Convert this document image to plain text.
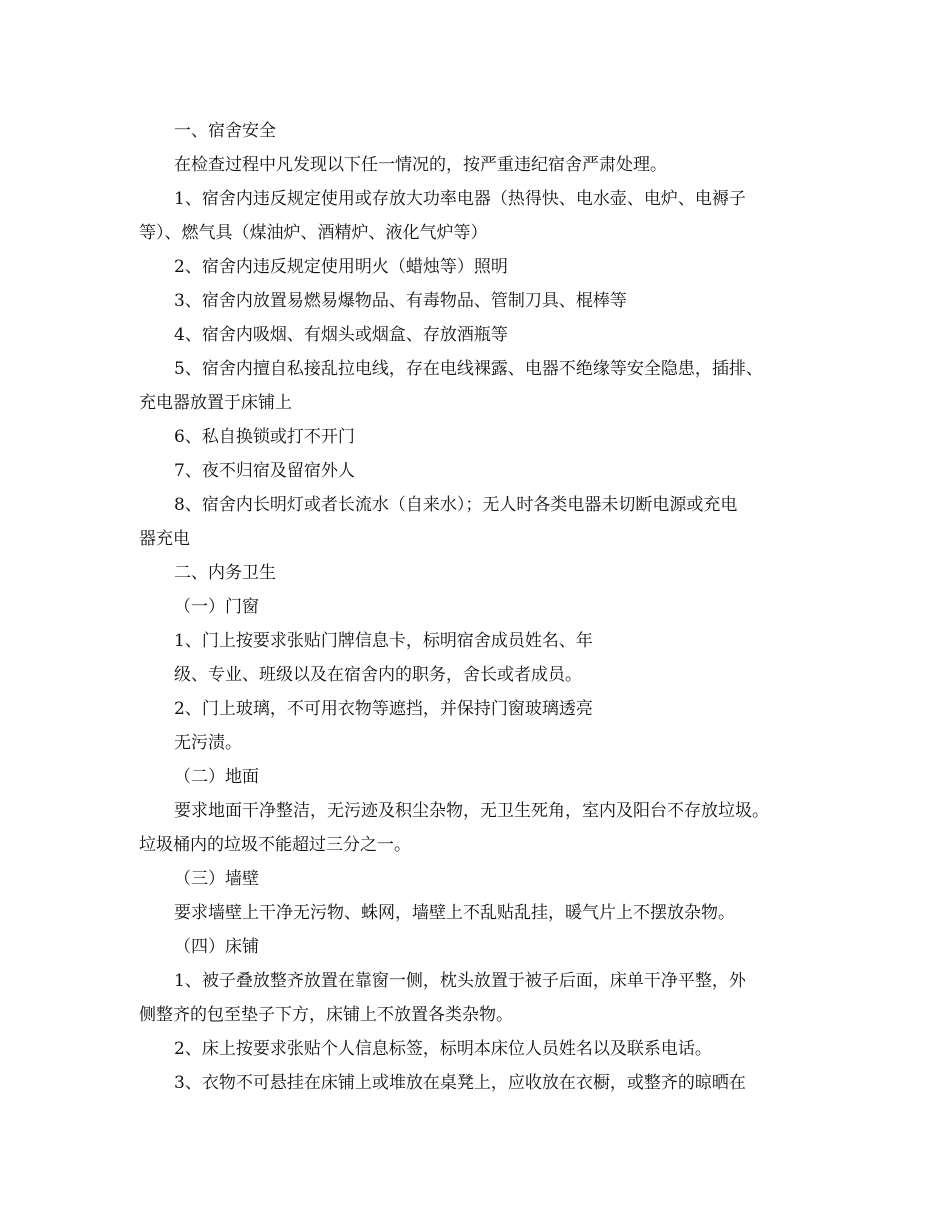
一、宿舍安全
在检查过程中凡发现以下任一情况的，按严重违纪宿舍严肃处理。
1、宿舍内违反规定使用或存放大功率电器（热得快、电水壶、电炉、电褥子
等）、燃气具（煤油炉、酒精炉、液化气炉等）
2、宿舍内违反规定使用明火（蜡烛等）照明
3、宿舍内放置易燃易爆物品、有毒物品、管制刀具、棍棒等
4、宿舍内吸烟、有烟头或烟盒、存放酒瓶等
5、宿舍内擅自私接乱拉电线，存在电线裸露、电器不绝缘等安全隐患，插排、
充电器放置于床铺上
6、私自换锁或打不开门
7、夜不归宿及留宿外人
8、宿舍内长明灯或者长流水（自来水）；无人时各类电器未切断电源或充电
器充电
二、内务卫生
（一）门窗
1、门上按要求张贴门牌信息卡，标明宿舍成员姓名、年
级、专业、班级以及在宿舍内的职务，舍长或者成员。
2、门上玻璃，不可用衣物等遮挡，并保持门窗玻璃透亮
无污渍。
（二）地面
要求地面干净整洁，无污迹及积尘杂物，无卫生死角，室内及阳台不存放垃圾。
垃圾桶内的垃圾不能超过三分之一。
（三）墙壁
要求墙壁上干净无污物、蛛网，墙壁上不乱贴乱挂，暖气片上不摆放杂物。
（四）床铺
1、被子叠放整齐放置在靠窗一侧，枕头放置于被子后面，床单干净平整，外
侧整齐的包至垫子下方，床铺上不放置各类杂物。
2、床上按要求张贴个人信息标签，标明本床位人员姓名以及联系电话。
3、衣物不可悬挂在床铺上或堆放在桌凳上，应收放在衣橱，或整齐的晾晒在
